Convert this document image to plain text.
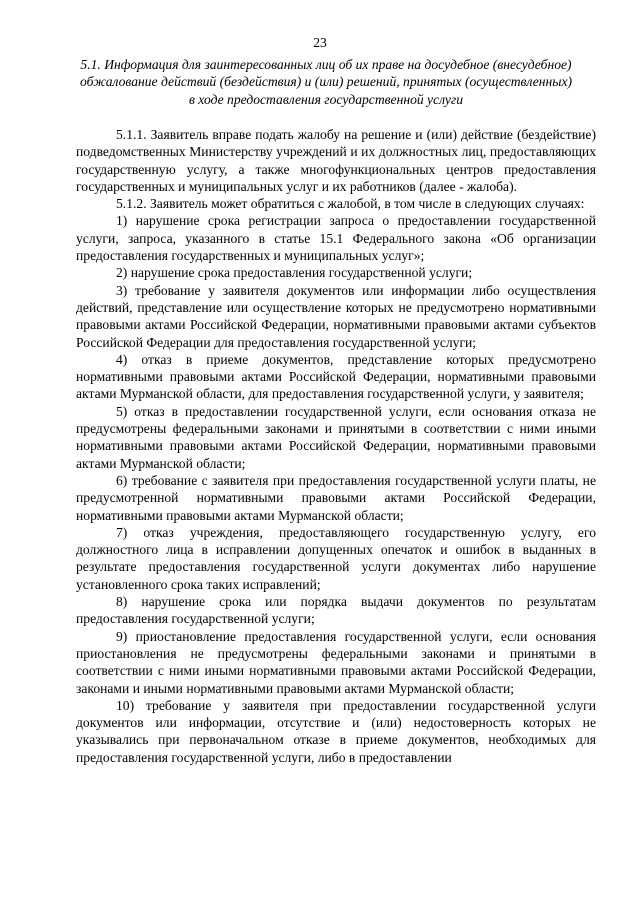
23
5.1. Информация для заинтересованных лиц об их праве на досудебное (внесудебное) обжалование действий (бездействия) и (или) решений, принятых (осуществленных) в ходе предоставления государственной услуги

5.1.1. Заявитель вправе подать жалобу на решение и (или) действие (бездействие) подведомственных Министерству учреждений и их должностных лиц, предоставляющих государственную услугу, а также многофункциональных центров предоставления государственных и муниципальных услуг и их работников (далее - жалоба).

5.1.2. Заявитель может обратиться с жалобой, в том числе в следующих случаях:

1) нарушение срока регистрации запроса о предоставлении государственной услуги, запроса, указанного в статье 15.1 Федерального закона «Об организации предоставления государственных и муниципальных услуг»;

2) нарушение срока предоставления государственной услуги;

3) требование у заявителя документов или информации либо осуществления действий, представление или осуществление которых не предусмотрено нормативными правовыми актами Российской Федерации, нормативными правовыми актами субъектов Российской Федерации для предоставления государственной услуги;

4) отказ в приеме документов, представление которых предусмотрено нормативными правовыми актами Российской Федерации, нормативными правовыми актами Мурманской области, для предоставления государственной услуги, у заявителя;

5) отказ в предоставлении государственной услуги, если основания отказа не предусмотрены федеральными законами и принятыми в соответствии с ними иными нормативными правовыми актами Российской Федерации, нормативными правовыми актами Мурманской области;

6) требование с заявителя при предоставления государственной услуги платы, не предусмотренной нормативными правовыми актами Российской Федерации, нормативными правовыми актами Мурманской области;

7) отказ учреждения, предоставляющего государственную услугу, его должностного лица в исправлении допущенных опечаток и ошибок в выданных в результате предоставления государственной услуги документах либо нарушение установленного срока таких исправлений;

8) нарушение срока или порядка выдачи документов по результатам предоставления государственной услуги;

9) приостановление предоставления государственной услуги, если основания приостановления не предусмотрены федеральными законами и принятыми в соответствии с ними иными нормативными правовыми актами Российской Федерации, законами и иными нормативными правовыми актами Мурманской области;

10) требование у заявителя при предоставлении государственной услуги документов или информации, отсутствие и (или) недостоверность которых не указывались при первоначальном отказе в приеме документов, необходимых для предоставления государственной услуги, либо в предоставлении
